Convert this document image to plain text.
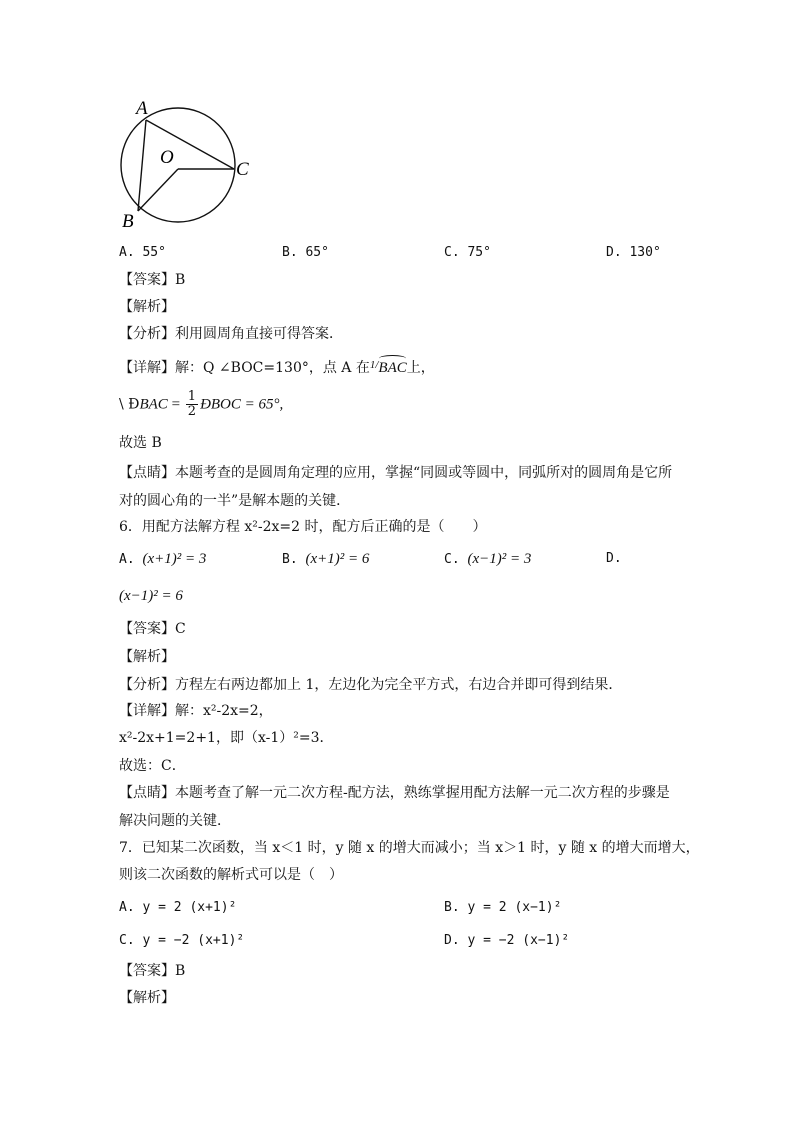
A
O
C
B
A. 55°	B. 65°	C. 75°	D. 130°
【答案】B
【解析】
【分析】利用圆周角直接可得答案．
【详解】解：Q ∠BOC=130°，点 A 在$^{1/}$BAC上，
\ ÐBAC = $\frac{1}{2}$ ÐBOC = 65°,
故选 B
【点睛】本题考查的是圆周角定理的应用，掌握“同圆或等圆中，同弧所对的圆周角是它所
对的圆心角的一半”是解本题的关键．
6．用配方法解方程 x²-2x=2 时，配方后正确的是（　　）
A. (x+1)² = 3	B. (x+1)² = 6	C. (x−1)² = 3	D.
(x−1)² = 6
【答案】C
【解析】
【分析】方程左右两边都加上 1，左边化为完全平方式，右边合并即可得到结果．
【详解】解：x²-2x=2，
x²-2x+1=2+1，即（x-1）²=3．
故选：C．
【点睛】本题考查了解一元二次方程-配方法，熟练掌握用配方法解一元二次方程的步骤是
解决问题的关键．
7．已知某二次函数，当 x＜1 时，y 随 x 的增大而减小；当 x＞1 时，y 随 x 的增大而增大，
则该二次函数的解析式可以是（　）
A. y = 2 (x+1)²	B. y = 2 (x−1)²
C. y = −2 (x+1)²	D. y = −2 (x−1)²
【答案】B
【解析】
